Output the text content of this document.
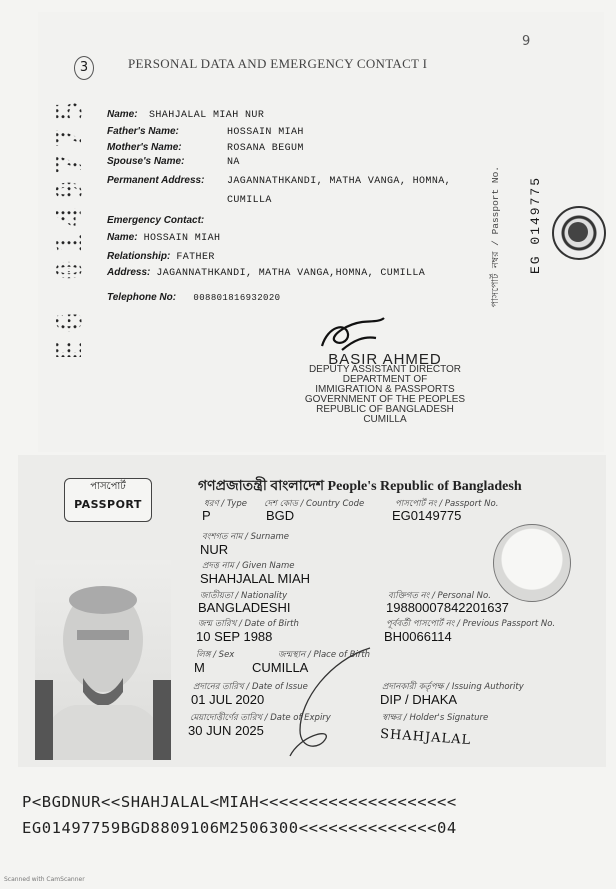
3
9
PERSONAL DATA AND EMERGENCY CONTACT I
EG 0149775 Name: SHAHJALAL MIAH NUR
Father's Name:	HOSSAIN MIAH
Mother's Name:	ROSANA BEGUM
Spouse's Name:	NA
Permanent Address: JAGANNATHKANDI, MATHA VANGA, HOMNA,
CUMILLA
Emergency Contact:
Name: HOSSAIN MIAH
Relationship: FATHER
Address: JAGANNATHKANDI, MATHA VANGA,HOMNA, CUMILLA
Telephone No: 008801816932020
EG 0149775
পাসপোর্ট নম্বর / Passport No.
BASIR AHMED
DEPUTY ASSISTANT DIRECTOR
DEPARTMENT OF
IMMIGRATION & PASSPORTS
GOVERNMENT OF THE PEOPLES
REPUBLIC OF BANGLADESH
CUMILLA
পাসপোর্ট
PASSPORT
গণপ্রজাতন্ত্রী বাংলাদেশ People's Republic of Bangladesh
ধরণ / Type
P
দেশ কোড / Country Code
BGD
পাসপোর্ট নং / Passport No.
EG0149775
বংশগত নাম / Surname
NUR
প্রদত্ত নাম / Given Name
SHAHJALAL MIAH
জাতীয়তা / Nationality
BANGLADESHI
ব্যক্তিগত নং / Personal No.
19880007842201637
জন্ম তারিখ / Date of Birth
10 SEP 1988
পূর্ববর্তী পাসপোর্ট নং / Previous Passport No.
BH0066114
লিঙ্গ / Sex
M
জন্মস্থান / Place of Birth
CUMILLA
প্রদানের তারিখ / Date of Issue
01 JUL 2020
প্রদানকারী কর্তৃপক্ষ / Issuing Authority
DIP / DHAKA
মেয়াদোত্তীর্ণের তারিখ / Date of Expiry
30 JUN 2025
স্বাক্ষর / Holder's Signature
SHAHJALAL
P<BGDNUR<<SHAHJALAL<MIAH<<<<<<<<<<<<<<<<<<<<
EG01497759BGD8809106M2506300<<<<<<<<<<<<<<04
Scanned with CamScanner
